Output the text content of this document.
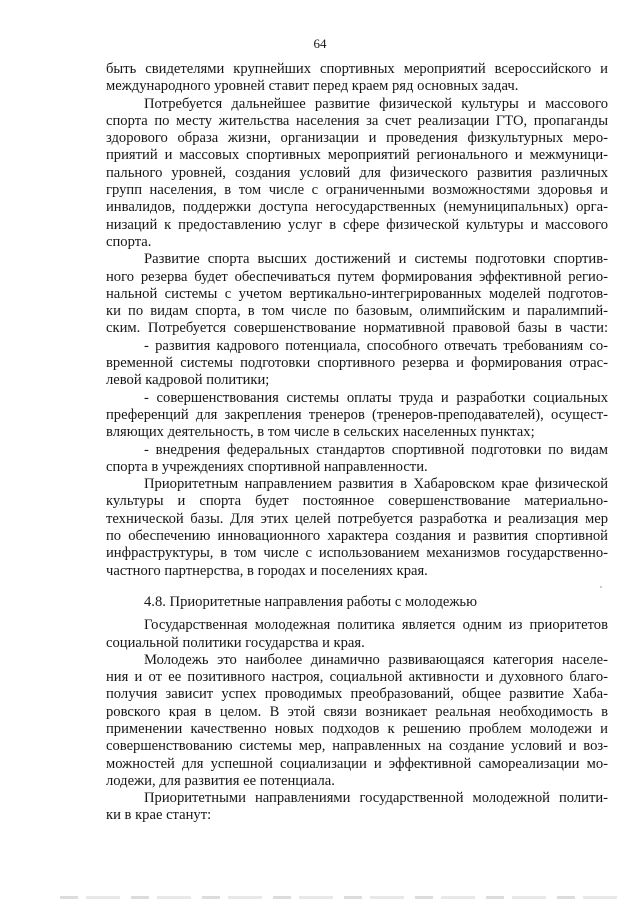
64
быть свидетелями крупнейших спортивных мероприятий всероссийского и
международного уровней ставит перед краем ряд основных задач.
Потребуется дальнейшее развитие физической культуры и массового
спорта по месту жительства населения за счет реализации ГТО, пропаганды
здорового образа жизни, организации и проведения физкультурных меро-
приятий и массовых спортивных мероприятий регионального и межмуници-
пального уровней, создания условий для физического развития различных
групп населения, в том числе с ограниченными возможностями здоровья и
инвалидов, поддержки доступа негосударственных (немуниципальных) орга-
низаций к предоставлению услуг в сфере физической культуры и массового
спорта.
Развитие спорта высших достижений и системы подготовки спортив-
ного резерва будет обеспечиваться путем формирования эффективной регио-
нальной системы с учетом вертикально-интегрированных моделей подготов-
ки по видам спорта, в том числе по базовым, олимпийским и паралимпий-
ским. Потребуется совершенствование нормативной правовой базы в части:
- развития кадрового потенциала, способного отвечать требованиям со-
временной системы подготовки спортивного резерва и формирования отрас-
левой кадровой политики;
- совершенствования системы оплаты труда и разработки социальных
преференций для закрепления тренеров (тренеров-преподавателей), осущест-
вляющих деятельность, в том числе в сельских населенных пунктах;
- внедрения федеральных стандартов спортивной подготовки по видам
спорта в учреждениях спортивной направленности.
Приоритетным направлением развития в Хабаровском крае физической
культуры и спорта будет постоянное совершенствование материально-
технической базы. Для этих целей потребуется разработка и реализация мер
по обеспечению инновационного характера создания и развития спортивной
инфраструктуры, в том числе с использованием механизмов государственно-
частного партнерства, в городах и поселениях края.
4.8. Приоритетные направления работы с молодежью
Государственная молодежная политика является одним из приоритетов
социальной политики государства и края.
Молодежь это наиболее динамично развивающаяся категория населе-
ния и от ее позитивного настроя, социальной активности и духовного благо-
получия зависит успех проводимых преобразований, общее развитие Хаба-
ровского края в целом. В этой связи возникает реальная необходимость в
применении качественно новых подходов к решению проблем молодежи и
совершенствованию системы мер, направленных на создание условий и воз-
можностей для успешной социализации и эффективной самореализации мо-
лодежи, для развития ее потенциала.
Приоритетными направлениями государственной молодежной полити-
ки в крае станут:
